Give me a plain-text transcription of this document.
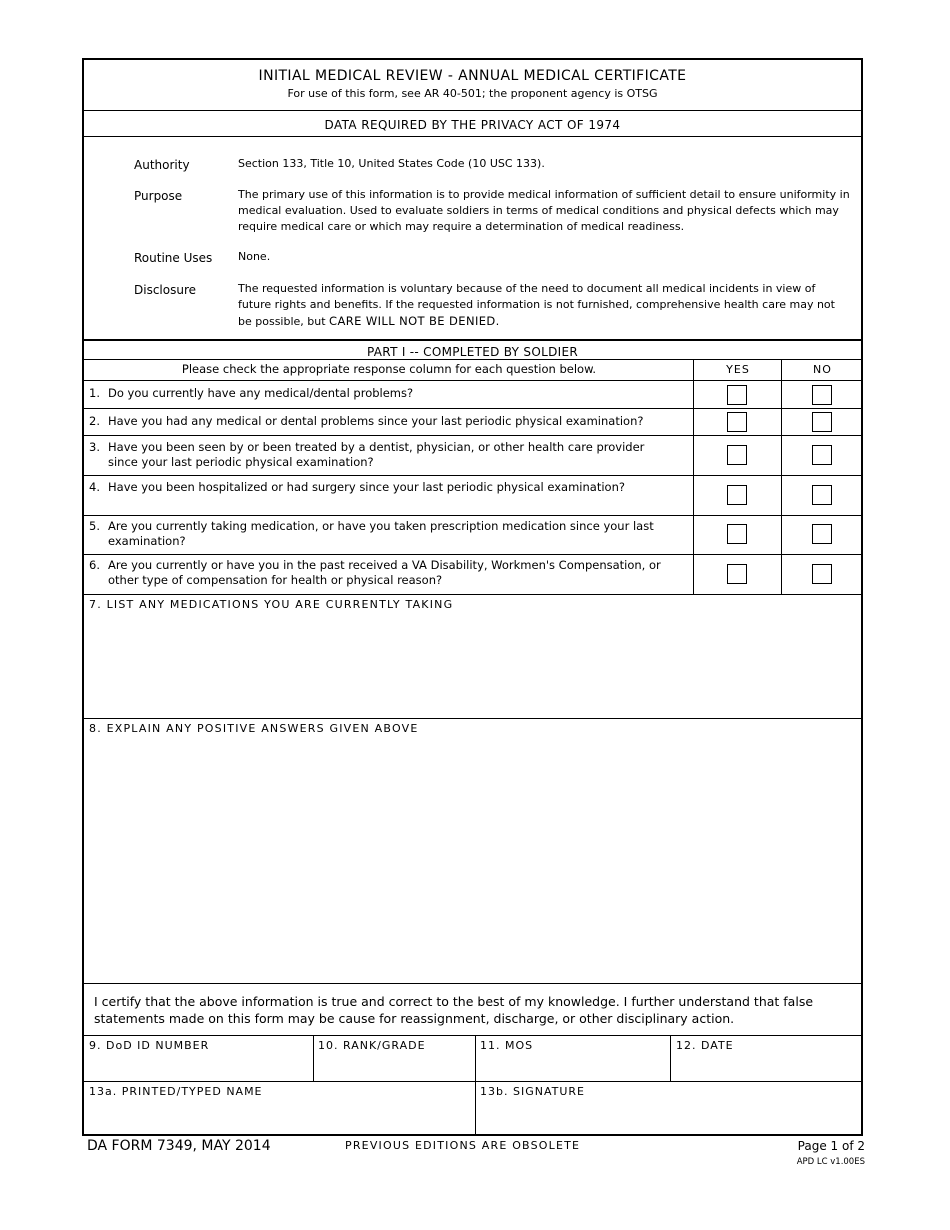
INITIAL MEDICAL REVIEW - ANNUAL MEDICAL CERTIFICATE
For use of this form, see AR 40-501; the proponent agency is OTSG
DATA REQUIRED BY THE PRIVACY ACT OF 1974
Authority	Section 133, Title 10, United States Code (10 USC 133).
Purpose	The primary use of this information is to provide medical information of sufficient detail to ensure uniformity in medical evaluation. Used to evaluate soldiers in terms of medical conditions and physical defects which may require medical care or which may require a determination of medical readiness.
Routine Uses None.
Disclosure	The requested information is voluntary because of the need to document all medical incidents in view of future rights and benefits. If the requested information is not furnished, comprehensive health care may not be possible, but CARE WILL NOT BE DENIED.
PART I -- COMPLETED BY SOLDIER
Please check the appropriate response column for each question below.	YES	NO
1. Do you currently have any medical/dental problems?
2. Have you had any medical or dental problems since your last periodic physical examination?
3. Have you been seen by or been treated by a dentist, physician, or other health care provider since your last periodic physical examination?
4. Have you been hospitalized or had surgery since your last periodic physical examination?
5. Are you currently taking medication, or have you taken prescription medication since your last examination?
6. Are you currently or have you in the past received a VA Disability, Workmen's Compensation, or other type of compensation for health or physical reason?
7. LIST ANY MEDICATIONS YOU ARE CURRENTLY TAKING
8. EXPLAIN ANY POSITIVE ANSWERS GIVEN ABOVE
I certify that the above information is true and correct to the best of my knowledge. I further understand that false statements made on this form may be cause for reassignment, discharge, or other disciplinary action.
9. DoD ID NUMBER	10. RANK/GRADE	11. MOS	12. DATE
13a. PRINTED/TYPED NAME	13b. SIGNATURE
DA FORM 7349, MAY 2014	PREVIOUS EDITIONS ARE OBSOLETE	Page 1 of 2
APD LC v1.00ES
